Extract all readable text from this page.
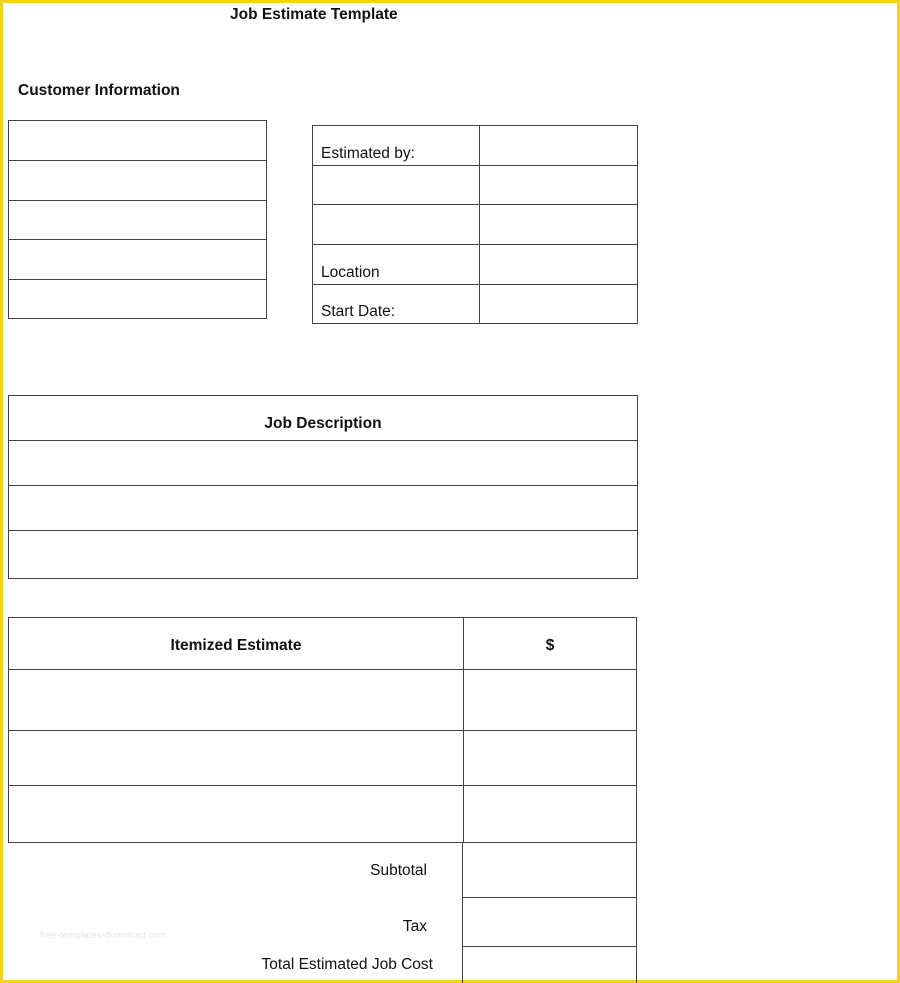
Job Estimate Template
Customer Information
Estimated by:
Location
Start Date:
Job Description
Itemized Estimate	$
Subtotal
Tax
Total Estimated Job Cost
free-templates-download.com
